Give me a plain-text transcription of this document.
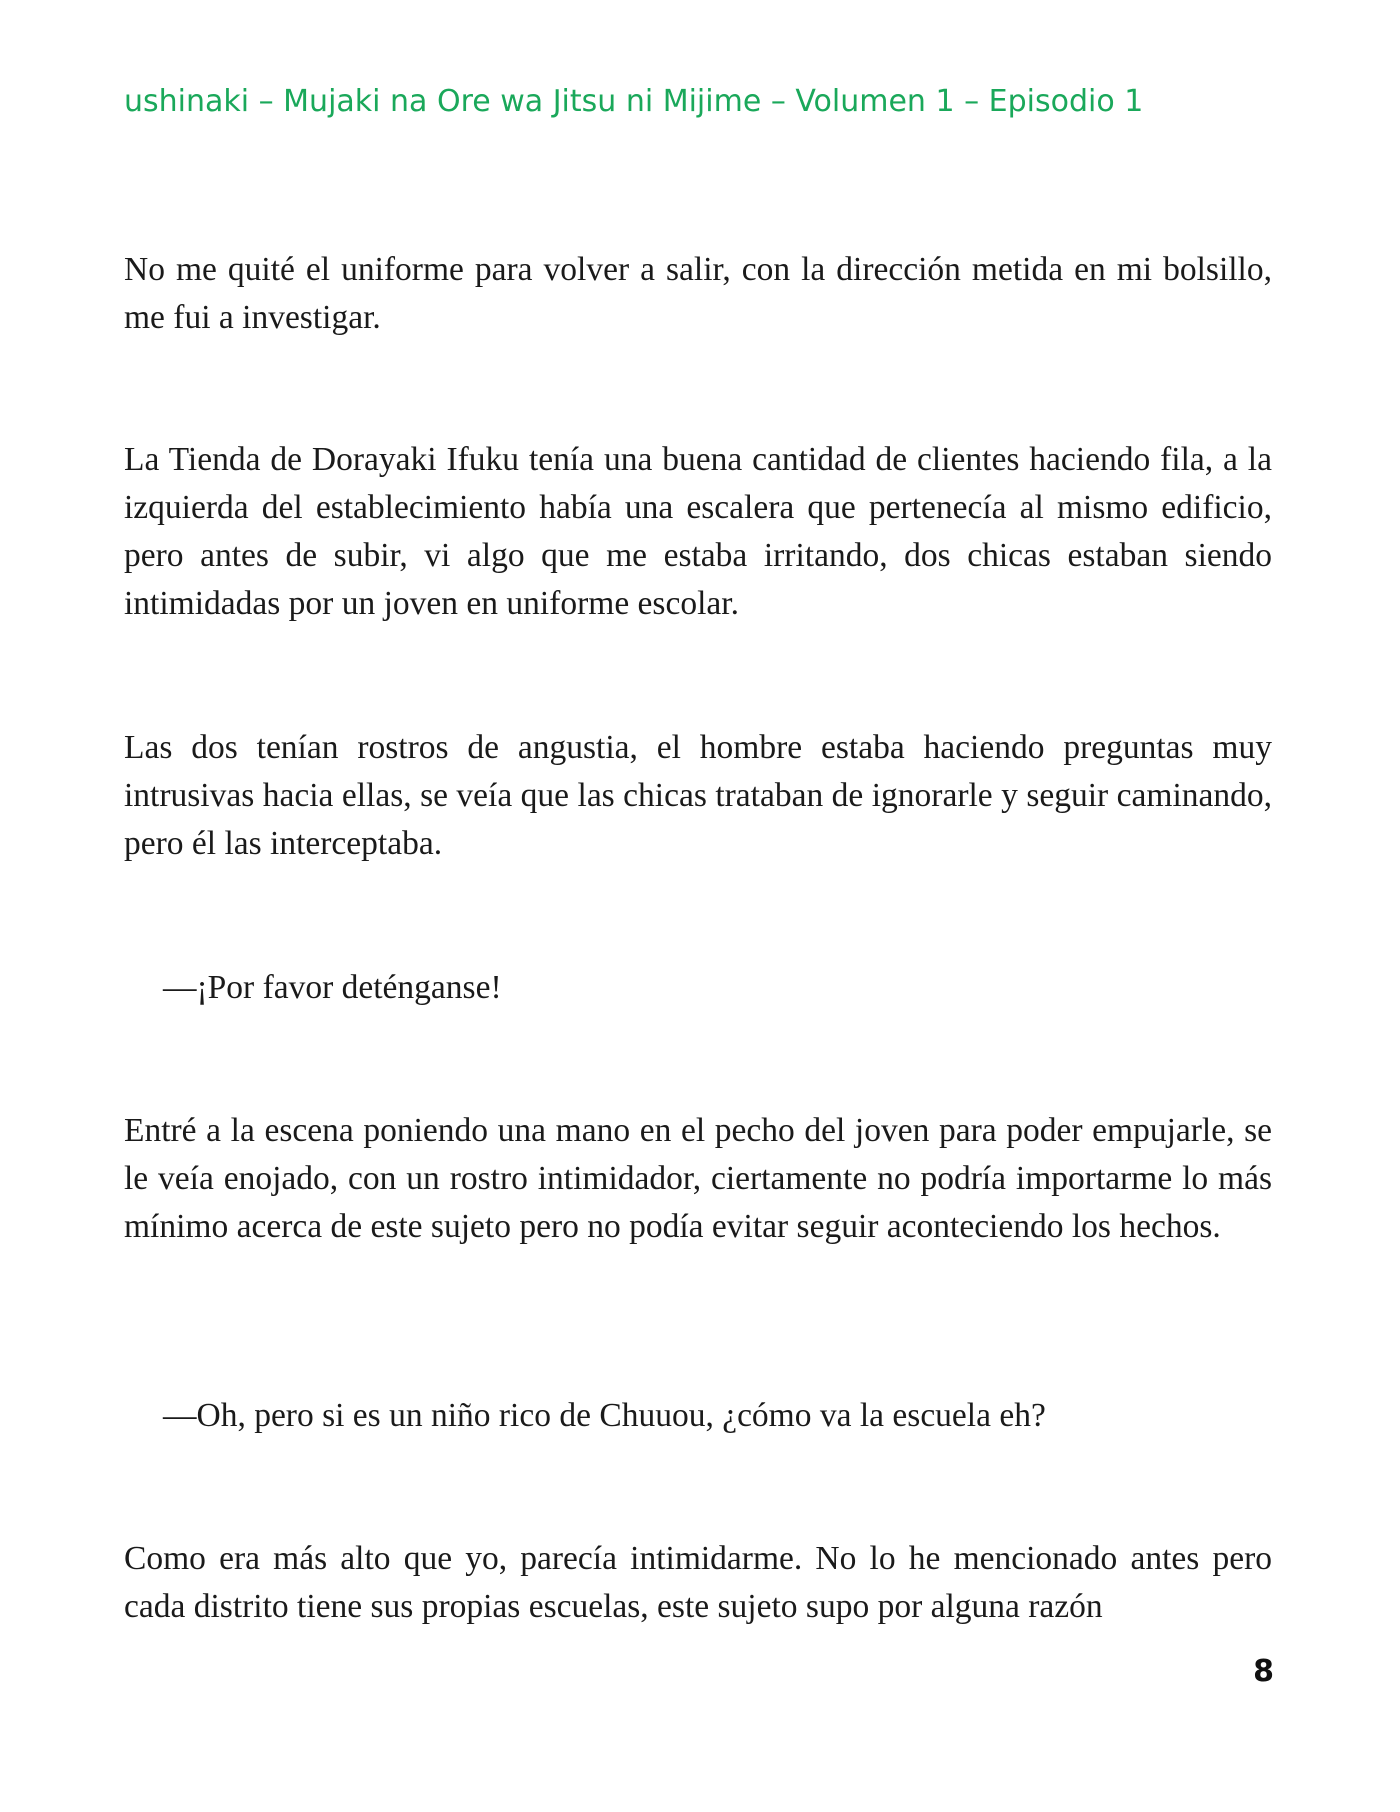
ushinaki – Mujaki na Ore wa Jitsu ni Mijime – Volumen 1 – Episodio 1

No me quité el uniforme para volver a salir, con la dirección metida en mi bolsillo, me fui a investigar.

La Tienda de Dorayaki Ifuku tenía una buena cantidad de clientes haciendo fila, a la izquierda del establecimiento había una escalera que pertenecía al mismo edificio, pero antes de subir, vi algo que me estaba irritando, dos chicas estaban siendo intimidadas por un joven en uniforme escolar.

Las dos tenían rostros de angustia, el hombre estaba haciendo preguntas muy intrusivas hacia ellas, se veía que las chicas trataban de ignorarle y seguir caminando, pero él las interceptaba.

—¡Por favor deténganse!

Entré a la escena poniendo una mano en el pecho del joven para poder empujarle, se le veía enojado, con un rostro intimidador, ciertamente no podría importarme lo más mínimo acerca de este sujeto pero no podía evitar seguir aconteciendo los hechos.

—Oh, pero si es un niño rico de Chuuou, ¿cómo va la escuela eh?

Como era más alto que yo, parecía intimidarme. No lo he mencionado antes pero cada distrito tiene sus propias escuelas, este sujeto supo por alguna razón

8
